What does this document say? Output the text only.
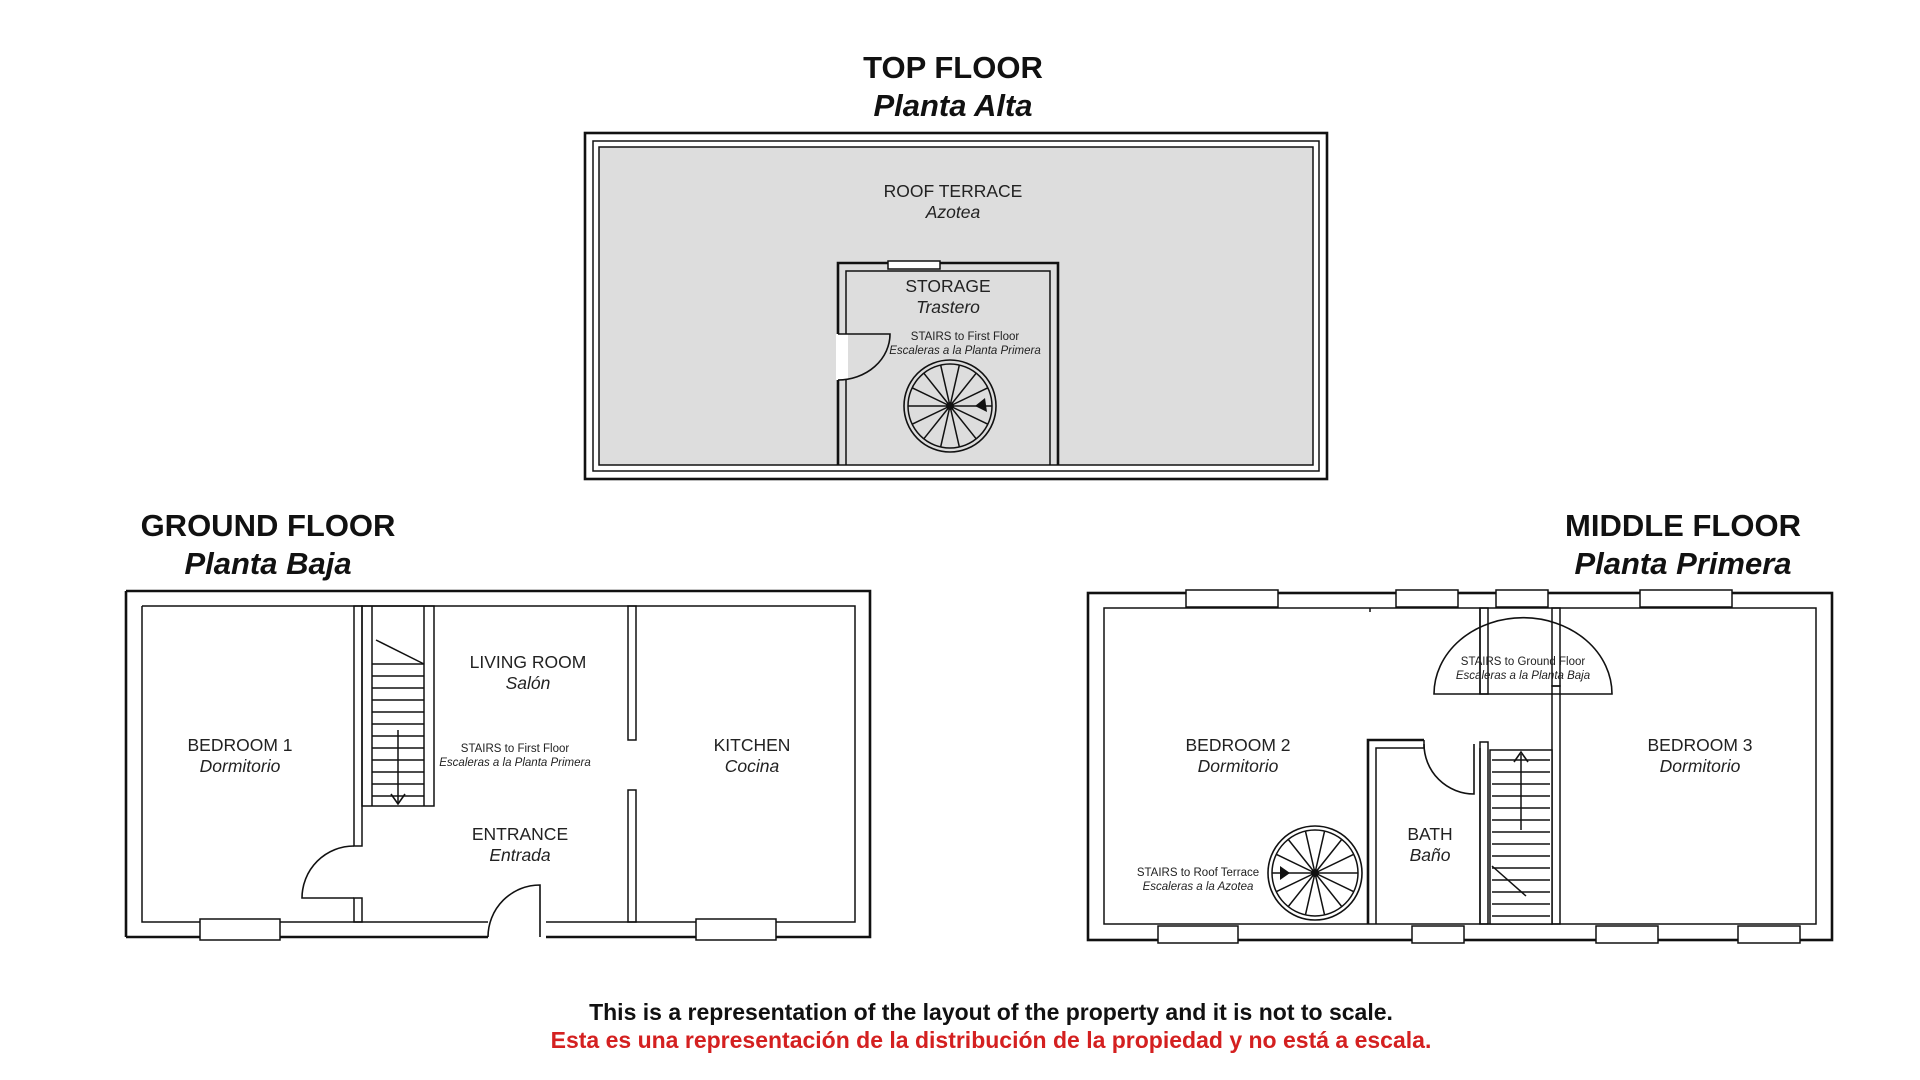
TOP FLOOR
Planta Alta
ROOF TERRACE
Azotea
STORAGE
Trastero
STAIRS to First Floor
Escaleras a la Planta Primera
GROUND FLOOR
Planta Baja
BEDROOM 1
Dormitorio
LIVING ROOM
Salón
STAIRS to First Floor
Escaleras a la Planta Primera
KITCHEN
Cocina
ENTRANCE
Entrada
MIDDLE FLOOR
Planta Primera
STAIRS to Ground Floor
Escaleras a la Planta Baja
BEDROOM 2
Dormitorio
BEDROOM 3
Dormitorio
BATH
Baño
STAIRS to Roof Terrace
Escaleras a la Azotea
This is a representation of the layout of the property and it is not to scale.
Esta es una representación de la distribución de la propiedad y no está a escala.
